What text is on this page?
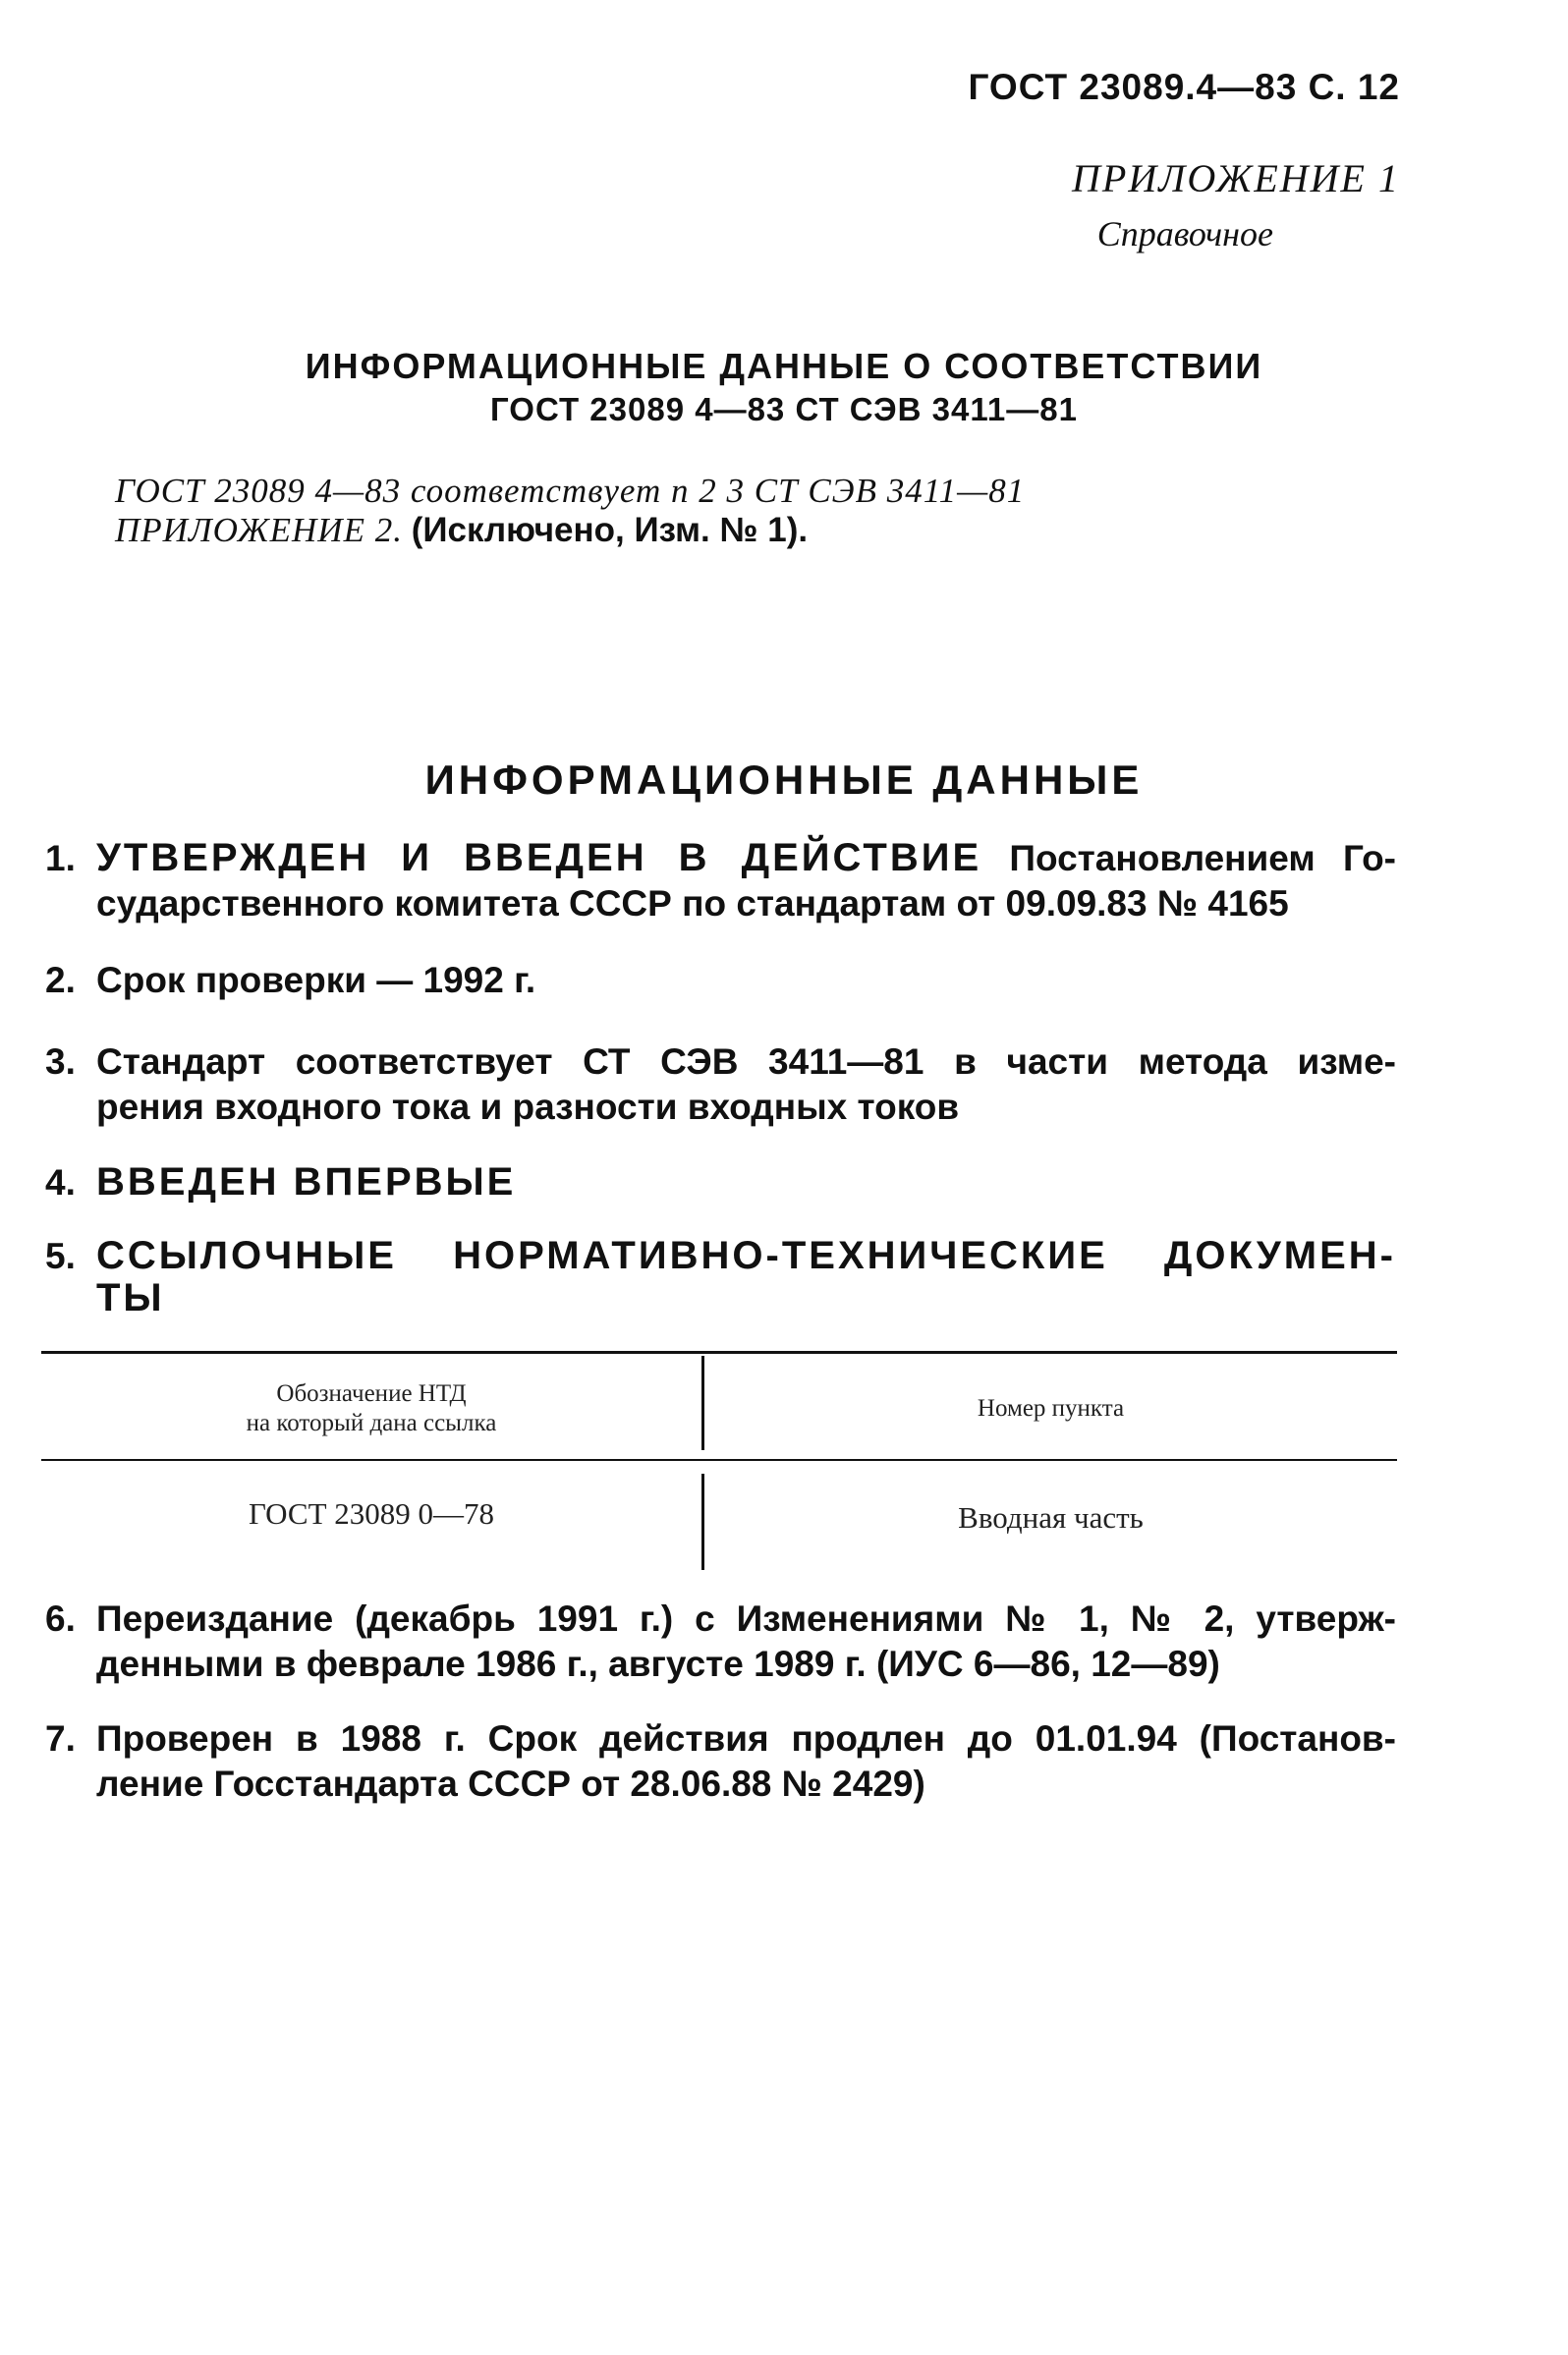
ГОСТ 23089.4—83 С. 12
ПРИЛОЖЕНИЕ 1
Справочное
ИНФОРМАЦИОННЫЕ ДАННЫЕ О СООТВЕТСТВИИ
ГОСТ 23089 4—83 СТ СЭВ 3411—81
ГОСТ 23089 4—83 соответствует п 2 3 СТ СЭВ 3411—81
ПРИЛОЖЕНИЕ 2. (Исключено, Изм. № 1).
ИНФОРМАЦИОННЫЕ ДАННЫЕ
1. УТВЕРЖДЕН И ВВЕДЕН В ДЕЙСТВИЕ Постановлением Го-
сударственного комитета СССР по стандартам от 09.09.83 № 4165
2. Срок проверки — 1992 г.
3. Стандарт соответствует СТ СЭВ 3411—81 в части метода изме-
рения входного тока и разности входных токов
4. ВВЕДЕН ВПЕРВЫЕ
5. ССЫЛОЧНЫЕ НОРМАТИВНО-ТЕХНИЧЕСКИЕ ДОКУМЕН-
ТЫ
Обозначение НТД
на который дана ссылка
Номер пункта
ГОСТ 23089 0—78	Вводная часть
6. Переиздание (декабрь 1991 г.) с Изменениями № 1, № 2, утверж-
денными в феврале 1986 г., августе 1989 г. (ИУС 6—86, 12—89)
7. Проверен в 1988 г. Срок действия продлен до 01.01.94 (Постанов-
ление Госстандарта СССР от 28.06.88 № 2429)
